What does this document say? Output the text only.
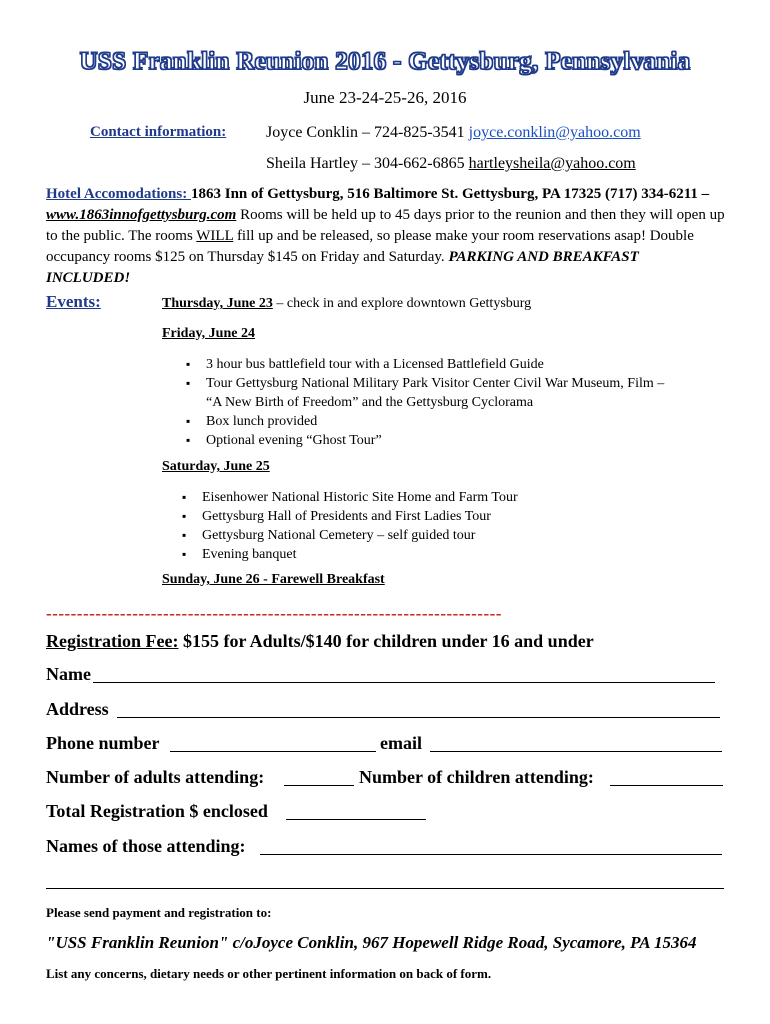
USS Franklin Reunion 2016 - Gettysburg, Pennsylvania
June 23-24-25-26, 2016
Contact information: Joyce Conklin – 724-825-3541 joyce.conklin@yahoo.com
Sheila Hartley – 304-662-6865 hartleysheila@yahoo.com
Hotel Accomodations: 1863 Inn of Gettysburg, 516 Baltimore St. Gettysburg, PA 17325 (717) 334-6211 – www.1863innofgettysburg.com Rooms will be held up to 45 days prior to the reunion and then they will open up to the public. The rooms WILL fill up and be released, so please make your room reservations asap! Double occupancy rooms $125 on Thursday $145 on Friday and Saturday. PARKING AND BREAKFAST INCLUDED!
Events:	Thursday, June 23 – check in and explore downtown Gettysburg
Friday, June 24
▪ 3 hour bus battlefield tour with a Licensed Battlefield Guide
▪ Tour Gettysburg National Military Park Visitor Center Civil War Museum, Film –
“A New Birth of Freedom” and the Gettysburg Cyclorama
▪ Box lunch provided
▪ Optional evening “Ghost Tour”
Saturday, June 25
▪ Eisenhower National Historic Site Home and Farm Tour
▪ Gettysburg Hall of Presidents and First Ladies Tour
▪ Gettysburg National Cemetery – self guided tour
▪ Evening banquet
Sunday, June 26 - Farewell Breakfast
--------------------------------------------------------------------------
Registration Fee: $155 for Adults/$140 for children under 16 and under
Name
Address
Phone number	email
Number of adults attending:	Number of children attending:
Total Registration $ enclosed
Names of those attending:
Please send payment and registration to:
"USS Franklin Reunion" c/oJoyce Conklin, 967 Hopewell Ridge Road, Sycamore, PA 15364
List any concerns, dietary needs or other pertinent information on back of form.
